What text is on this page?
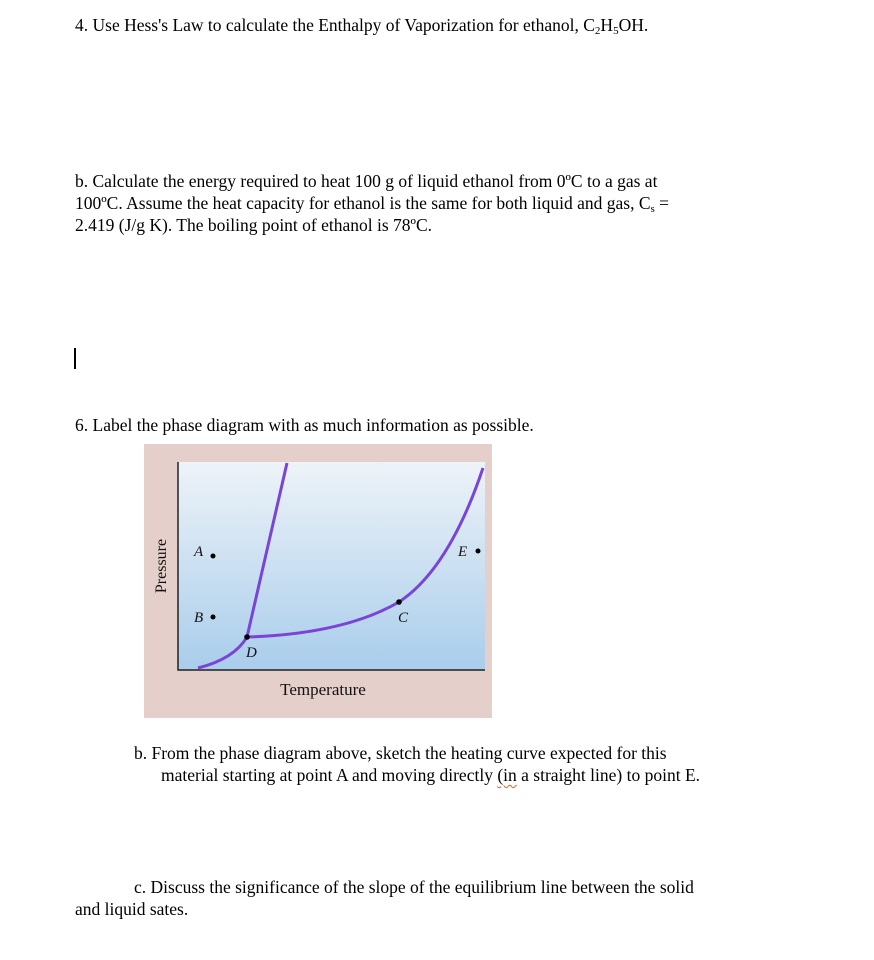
4. Use Hess's Law to calculate the Enthalpy of Vaporization for ethanol, $C_2H_5OH$.
b. Calculate the energy required to heat 100 g of liquid ethanol from 0ºC to a gas at
100ºC. Assume the heat capacity for ethanol is the same for both liquid and gas, $C_s$ =
2.419 (J/g K). The boiling point of ethanol is 78ºC.
6. Label the phase diagram with as much information as possible.
A
B	C
D
E
Temperature
Pressure
b. From the phase diagram above, sketch the heating curve expected for this
material starting at point A and moving directly (in a straight line) to point E.
c. Discuss the significance of the slope of the equilibrium line between the solid
and liquid sates.
